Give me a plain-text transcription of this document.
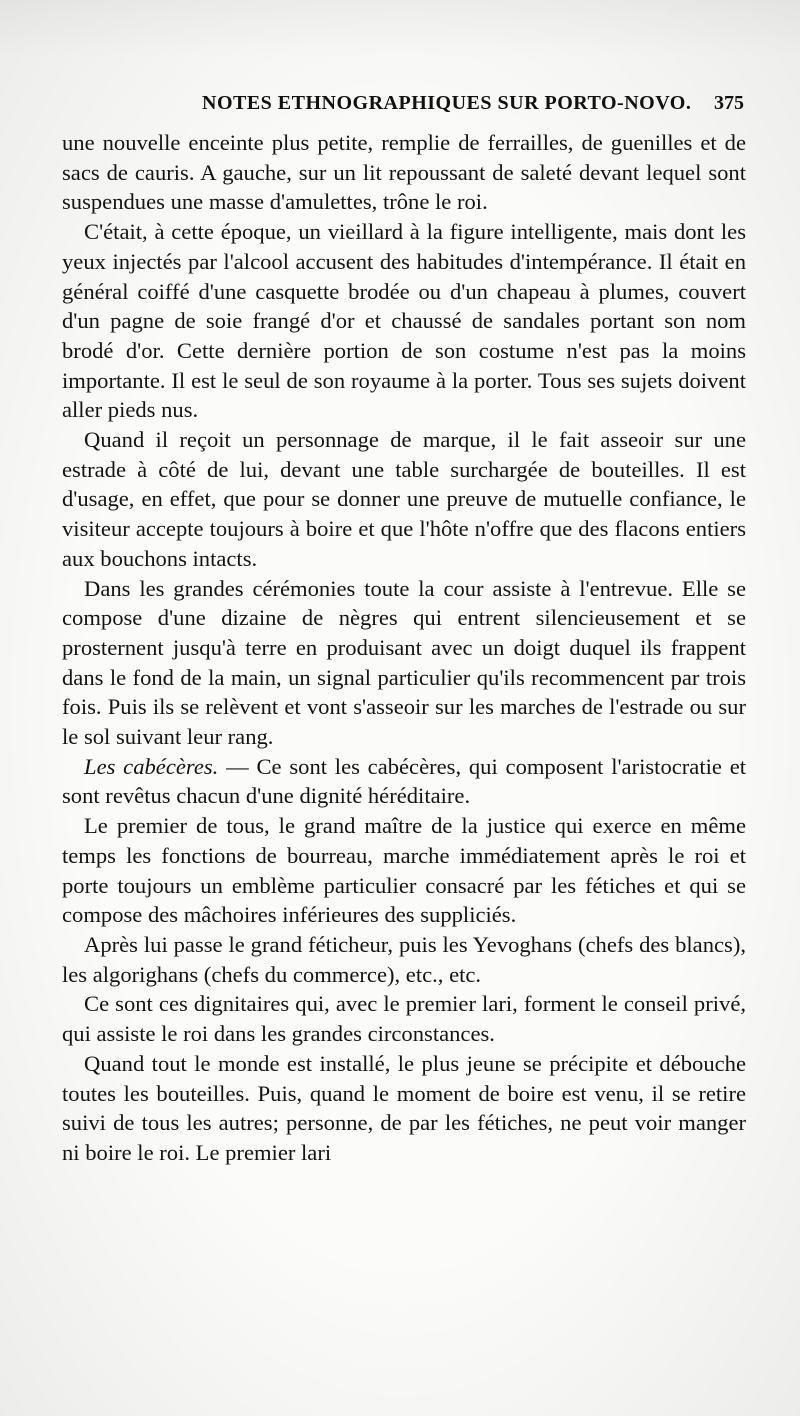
NOTES ETHNOGRAPHIQUES SUR PORTO-NOVO. 375

une nouvelle enceinte plus petite, remplie de ferrailles, de guenilles et de sacs de cauris. A gauche, sur un lit repoussant de saleté devant lequel sont suspendues une masse d'amulettes, trône le roi.

C'était, à cette époque, un vieillard à la figure intelligente, mais dont les yeux injectés par l'alcool accusent des habitudes d'intempérance. Il était en général coiffé d'une casquette brodée ou d'un chapeau à plumes, couvert d'un pagne de soie frangé d'or et chaussé de sandales portant son nom brodé d'or. Cette dernière portion de son costume n'est pas la moins importante. Il est le seul de son royaume à la porter. Tous ses sujets doivent aller pieds nus.

Quand il reçoit un personnage de marque, il le fait asseoir sur une estrade à côté de lui, devant une table surchargée de bouteilles. Il est d'usage, en effet, que pour se donner une preuve de mutuelle confiance, le visiteur accepte toujours à boire et que l'hôte n'offre que des flacons entiers aux bouchons intacts.

Dans les grandes cérémonies toute la cour assiste à l'entrevue. Elle se compose d'une dizaine de nègres qui entrent silencieusement et se prosternent jusqu'à terre en produisant avec un doigt duquel ils frappent dans le fond de la main, un signal particulier qu'ils recommencent par trois fois. Puis ils se relèvent et vont s'asseoir sur les marches de l'estrade ou sur le sol suivant leur rang.

Les cabécères. — Ce sont les cabécères, qui composent l'aristocratie et sont revêtus chacun d'une dignité héréditaire.

Le premier de tous, le grand maître de la justice qui exerce en même temps les fonctions de bourreau, marche immédiatement après le roi et porte toujours un emblème particulier consacré par les fétiches et qui se compose des mâchoires inférieures des suppliciés.

Après lui passe le grand féticheur, puis les Yevoghans (chefs des blancs), les algorighans (chefs du commerce), etc., etc.

Ce sont ces dignitaires qui, avec le premier lari, forment le conseil privé, qui assiste le roi dans les grandes circonstances.

Quand tout le monde est installé, le plus jeune se précipite et débouche toutes les bouteilles. Puis, quand le moment de boire est venu, il se retire suivi de tous les autres; personne, de par les fétiches, ne peut voir manger ni boire le roi. Le premier lari
